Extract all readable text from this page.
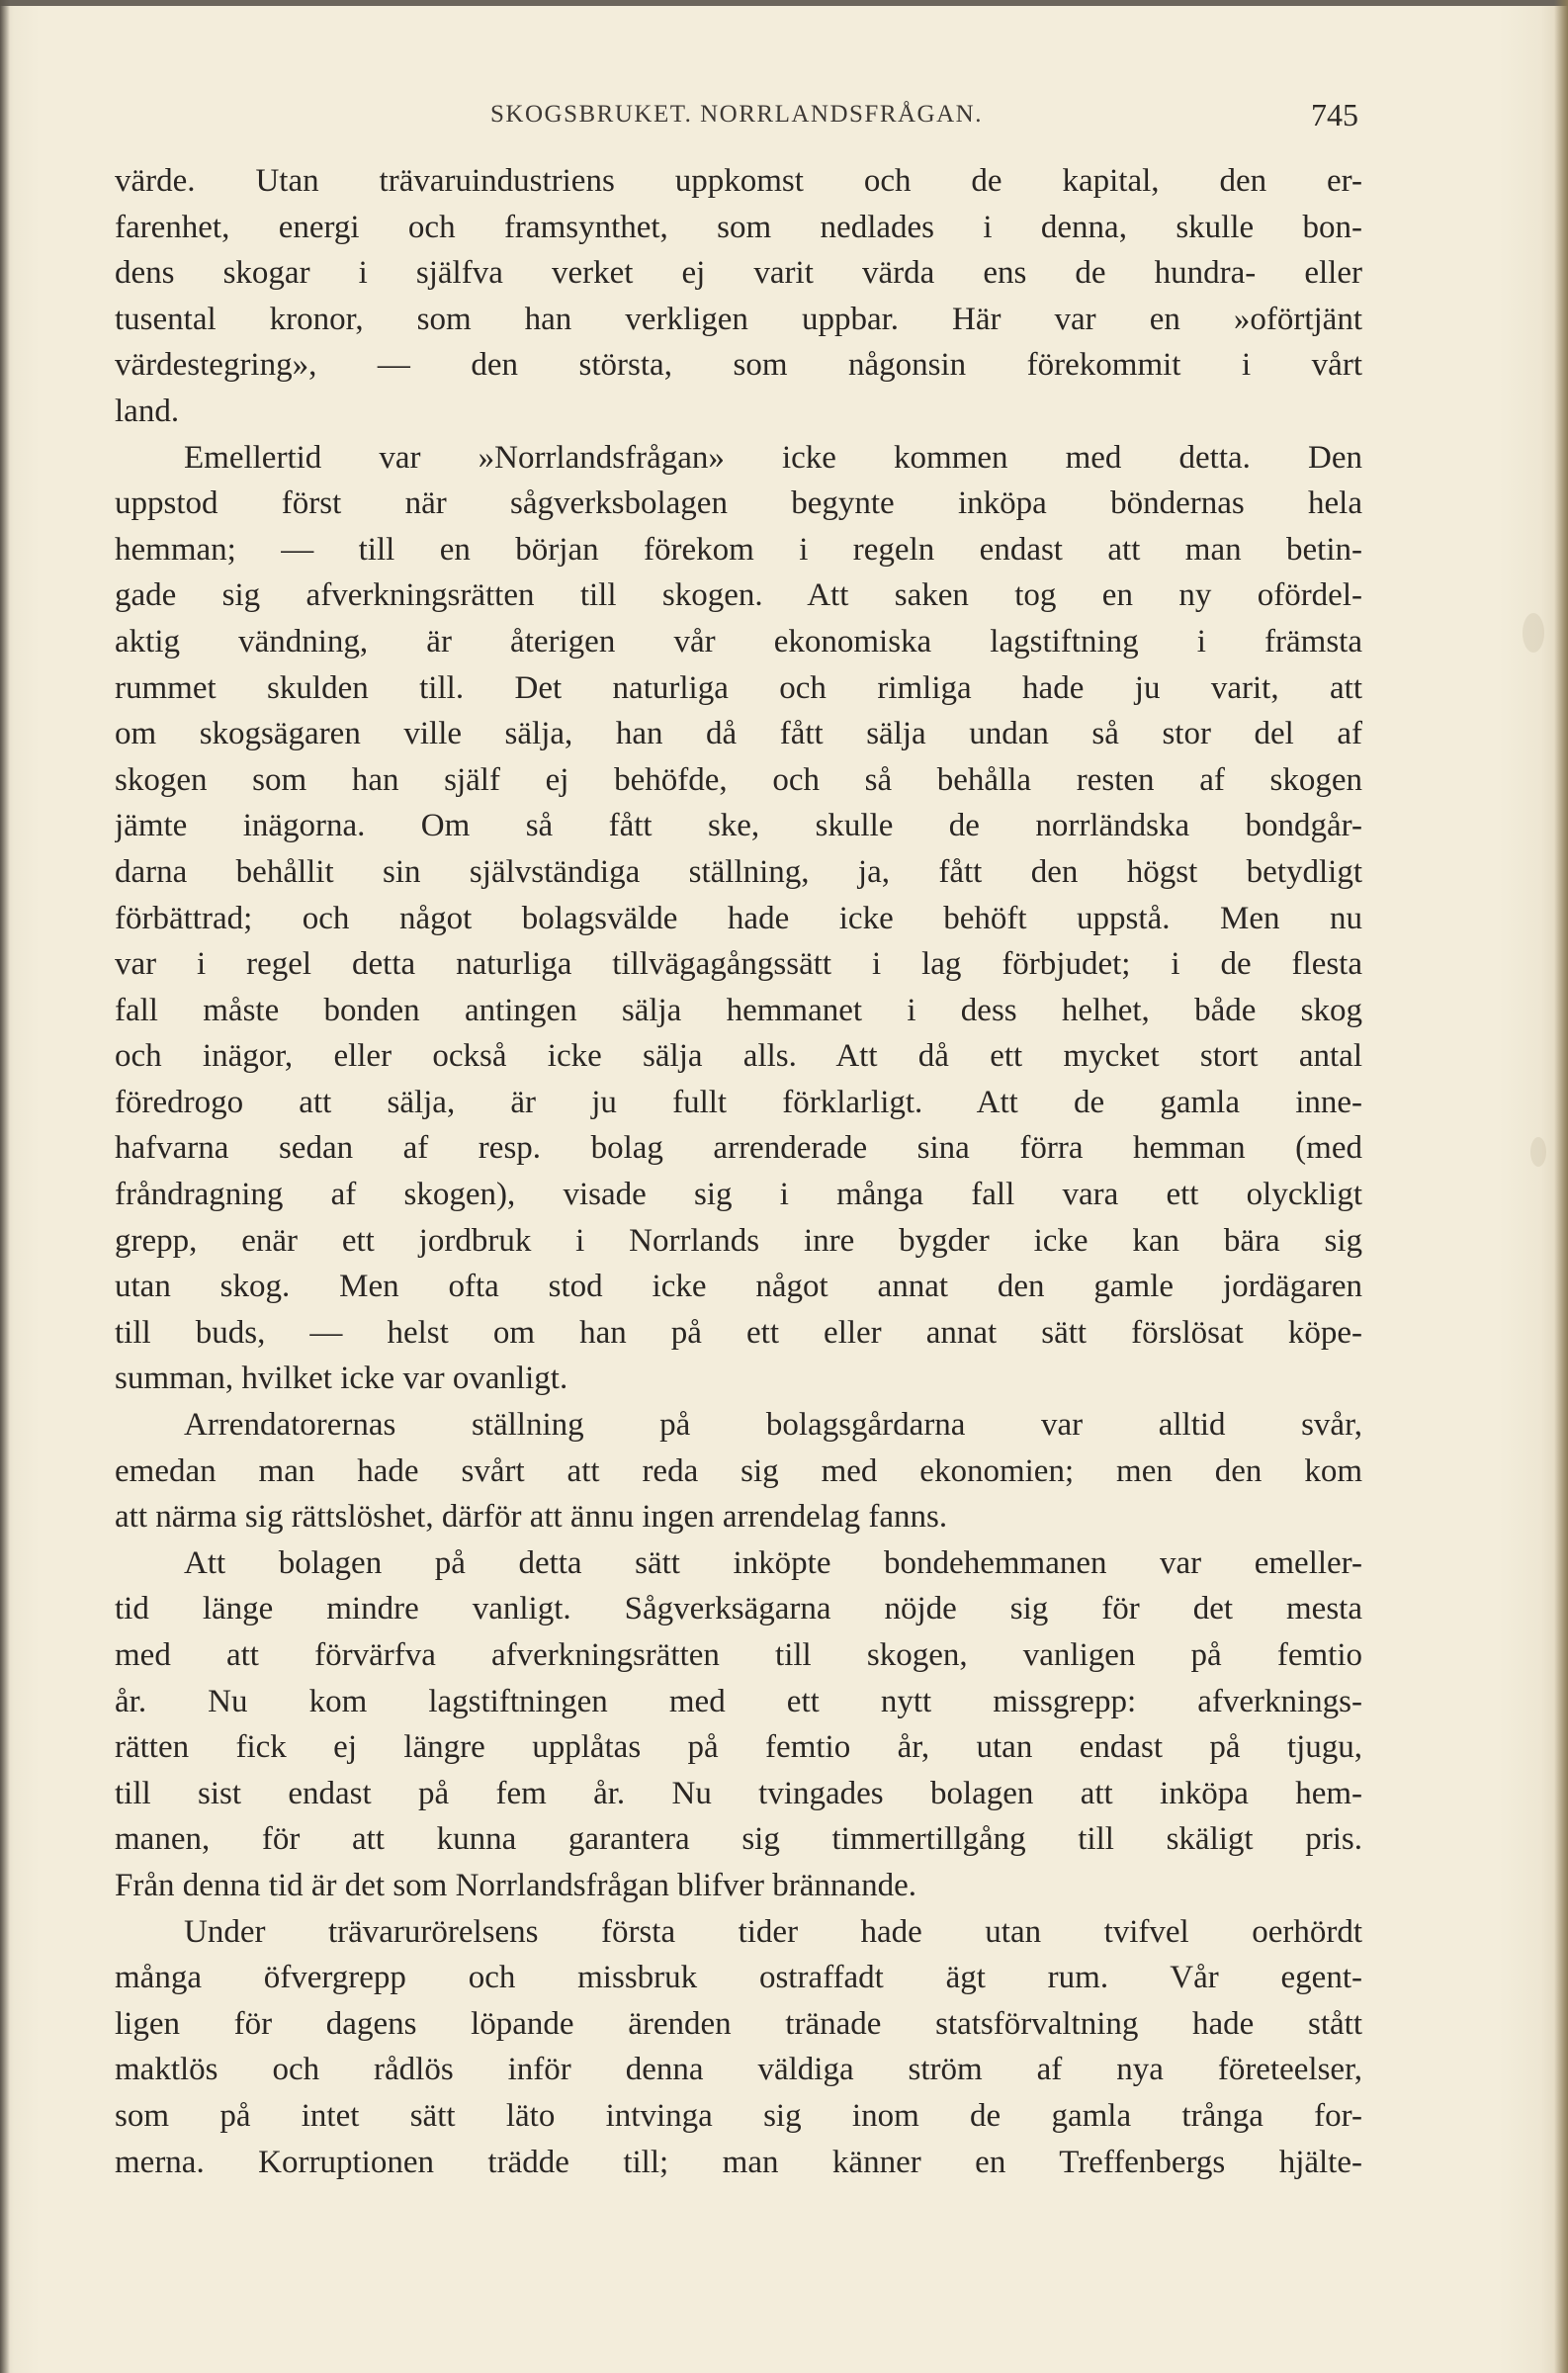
SKOGSBRUKET. NORRLANDSFRÅGAN.	745
värde. Utan trävaruindustriens uppkomst och de kapital, den er-
farenhet, energi och framsynthet, som nedlades i denna, skulle bon-
dens skogar i själfva verket ej varit värda ens de hundra- eller
tusental kronor, som han verkligen uppbar. Här var en »oförtjänt
värdestegring», — den största, som någonsin förekommit i vårt
land.
Emellertid var »Norrlandsfrågan» icke kommen med detta. Den
uppstod först när sågverksbolagen begynte inköpa böndernas hela
hemman; — till en början förekom i regeln endast att man betin-
gade sig afverkningsrätten till skogen. Att saken tog en ny ofördel-
aktig vändning, är återigen vår ekonomiska lagstiftning i främsta
rummet skulden till. Det naturliga och rimliga hade ju varit, att
om skogsägaren ville sälja, han då fått sälja undan så stor del af
skogen som han själf ej behöfde, och så behålla resten af skogen
jämte inägorna. Om så fått ske, skulle de norrländska bondgår-
darna behållit sin självständiga ställning, ja, fått den högst betydligt
förbättrad; och något bolagsvälde hade icke behöft uppstå. Men nu
var i regel detta naturliga tillvägagångssätt i lag förbjudet; i de flesta
fall måste bonden antingen sälja hemmanet i dess helhet, både skog
och inägor, eller också icke sälja alls. Att då ett mycket stort antal
föredrogo att sälja, är ju fullt förklarligt. Att de gamla inne-
hafvarna sedan af resp. bolag arrenderade sina förra hemman (med
fråndragning af skogen), visade sig i många fall vara ett olyckligt
grepp, enär ett jordbruk i Norrlands inre bygder icke kan bära sig
utan skog. Men ofta stod icke något annat den gamle jordägaren
till buds, — helst om han på ett eller annat sätt förslösat köpe-
summan, hvilket icke var ovanligt.
Arrendatorernas ställning på bolagsgårdarna var alltid svår,
emedan man hade svårt att reda sig med ekonomien; men den kom
att närma sig rättslöshet, därför att ännu ingen arrendelag fanns.
Att bolagen på detta sätt inköpte bondehemmanen var emeller-
tid länge mindre vanligt. Sågverksägarna nöjde sig för det mesta
med att förvärfva afverkningsrätten till skogen, vanligen på femtio
år. Nu kom lagstiftningen med ett nytt missgrepp: afverknings-
rätten fick ej längre upplåtas på femtio år, utan endast på tjugu,
till sist endast på fem år. Nu tvingades bolagen att inköpa hem-
manen, för att kunna garantera sig timmertillgång till skäligt pris.
Från denna tid är det som Norrlandsfrågan blifver brännande.
Under trävarurörelsens första tider hade utan tvifvel oerhördt
många öfvergrepp och missbruk ostraffadt ägt rum. Vår egent-
ligen för dagens löpande ärenden tränade statsförvaltning hade stått
maktlös och rådlös inför denna väldiga ström af nya företeelser,
som på intet sätt läto intvinga sig inom de gamla trånga for-
merna. Korruptionen trädde till; man känner en Treffenbergs hjälte-
